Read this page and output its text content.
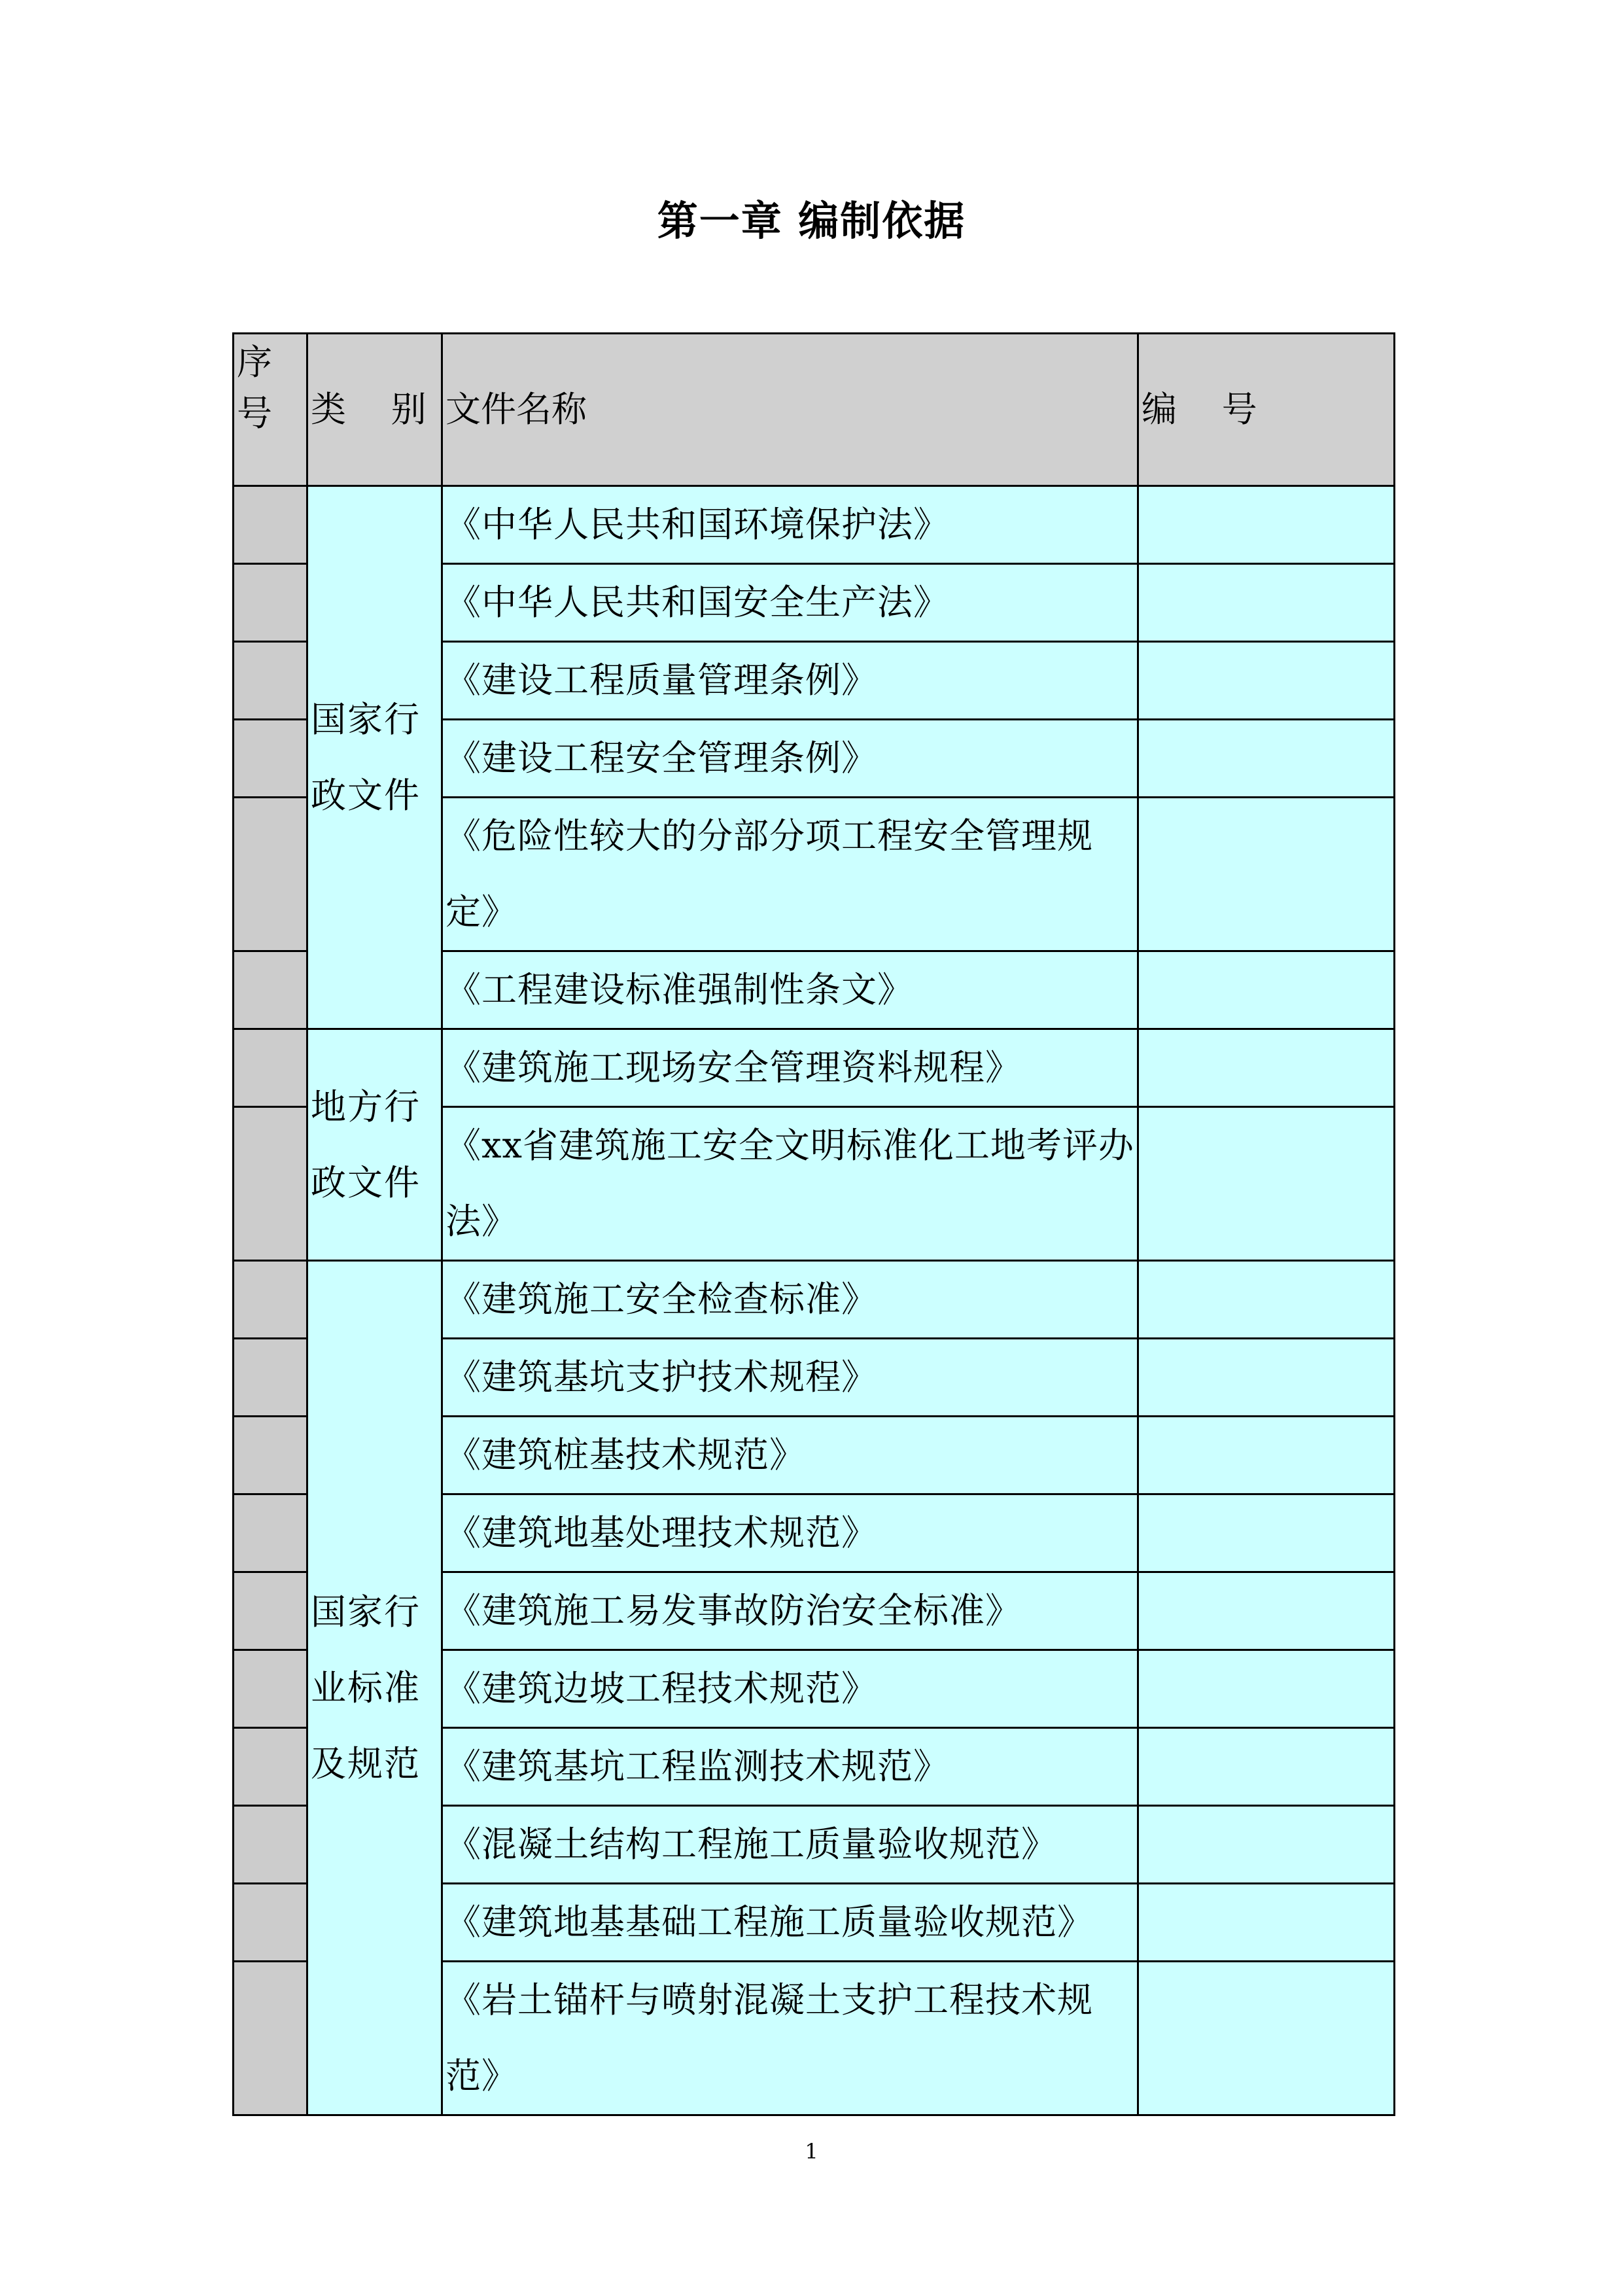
第一章 编制依据
序号	类    别	文件名称	编    号
	国家行政文件	《中华人民共和国环境保护法》	
		《中华人民共和国安全生产法》	
		《建设工程质量管理条例》	
		《建设工程安全管理条例》	
		《危险性较大的分部分项工程安全管理规定》	
		《工程建设标准强制性条文》	
	地方行政文件	《建筑施工现场安全管理资料规程》	
		《xx省建筑施工安全文明标准化工地考评办法》	
	国家行业标准及规范	《建筑施工安全检查标准》	
		《建筑基坑支护技术规程》	
		《建筑桩基技术规范》	
		《建筑地基处理技术规范》	
		《建筑施工易发事故防治安全标准》	
		《建筑边坡工程技术规范》	
		《建筑基坑工程监测技术规范》	
		《混凝土结构工程施工质量验收规范》	
		《建筑地基基础工程施工质量验收规范》	
		《岩土锚杆与喷射混凝土支护工程技术规范》	
1
